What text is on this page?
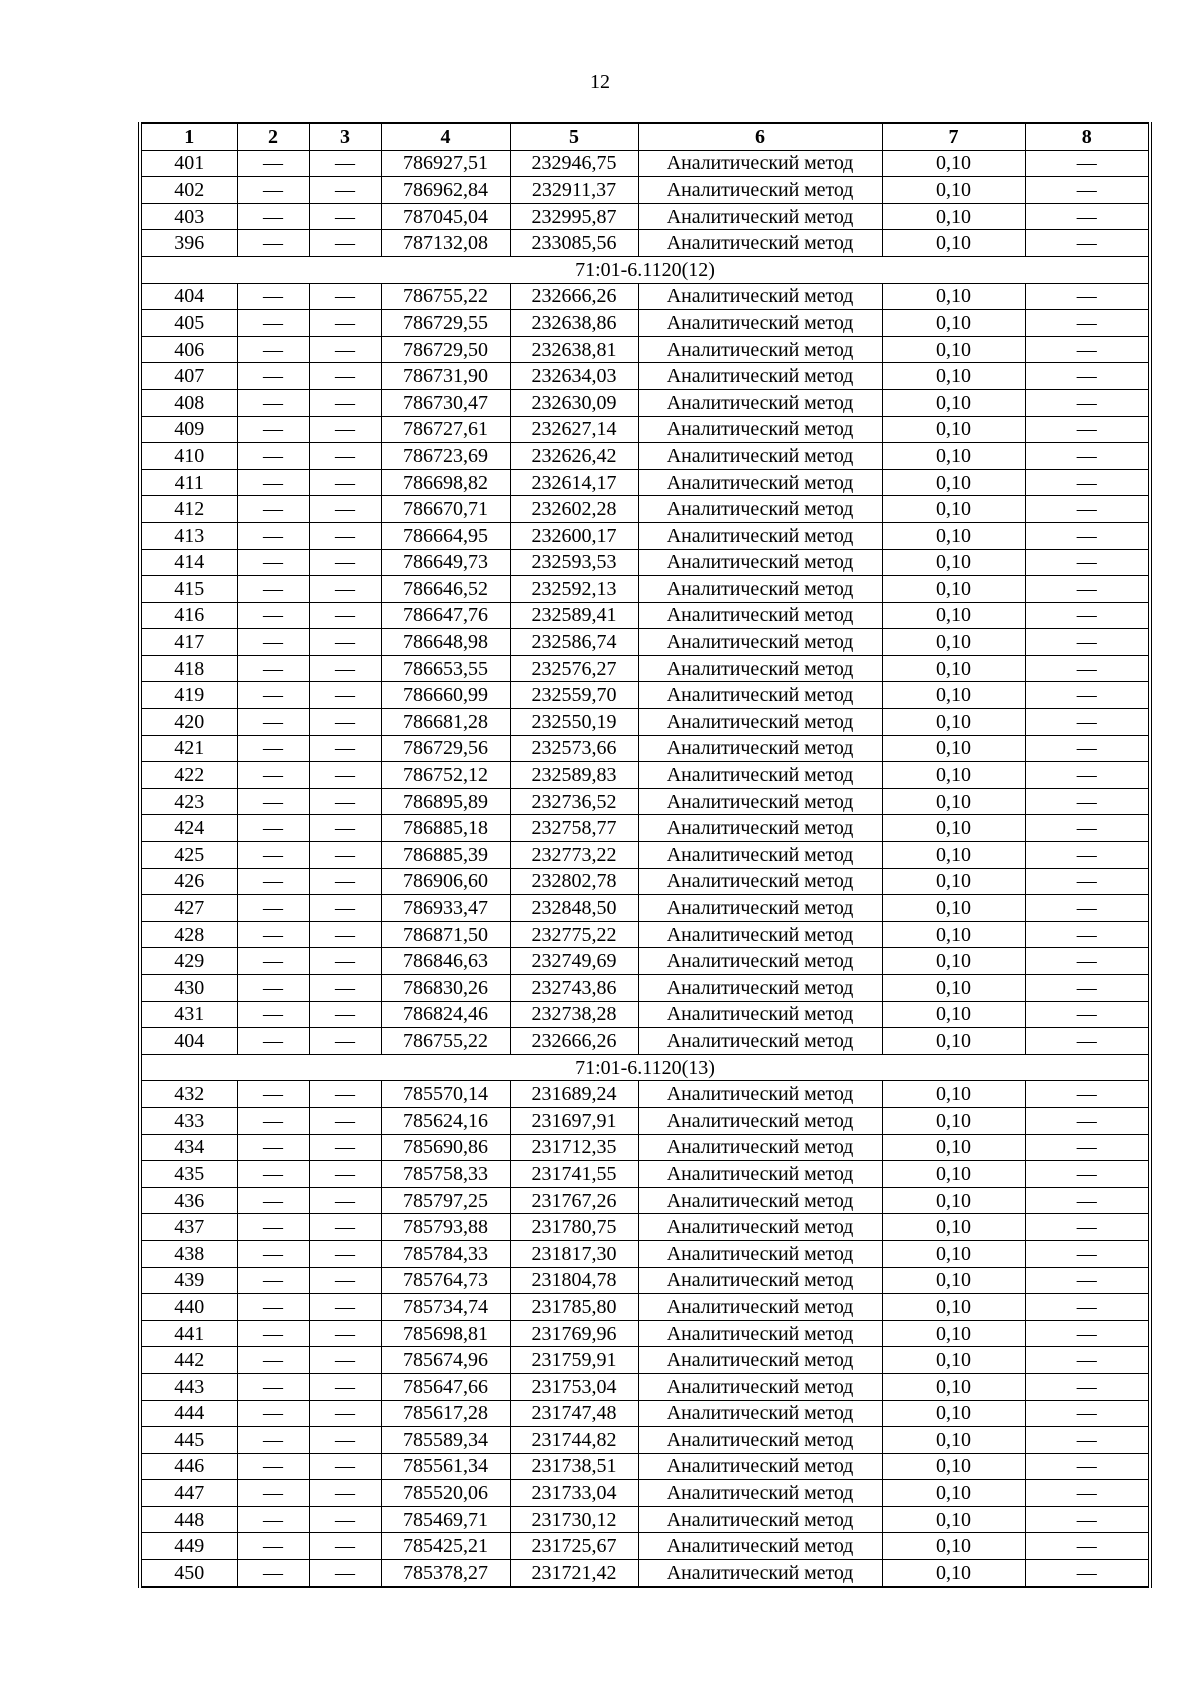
12
1	2	3	4	5	6	7	8
401	—	—	786927,51	232946,75	Аналитический метод	0,10	—
402	—	—	786962,84	232911,37	Аналитический метод	0,10	—
403	—	—	787045,04	232995,87	Аналитический метод	0,10	—
396	—	—	787132,08	233085,56	Аналитический метод	0,10	—
71:01-6.1120(12)							
404	—	—	786755,22	232666,26	Аналитический метод	0,10	—
405	—	—	786729,55	232638,86	Аналитический метод	0,10	—
406	—	—	786729,50	232638,81	Аналитический метод	0,10	—
407	—	—	786731,90	232634,03	Аналитический метод	0,10	—
408	—	—	786730,47	232630,09	Аналитический метод	0,10	—
409	—	—	786727,61	232627,14	Аналитический метод	0,10	—
410	—	—	786723,69	232626,42	Аналитический метод	0,10	—
411	—	—	786698,82	232614,17	Аналитический метод	0,10	—
412	—	—	786670,71	232602,28	Аналитический метод	0,10	—
413	—	—	786664,95	232600,17	Аналитический метод	0,10	—
414	—	—	786649,73	232593,53	Аналитический метод	0,10	—
415	—	—	786646,52	232592,13	Аналитический метод	0,10	—
416	—	—	786647,76	232589,41	Аналитический метод	0,10	—
417	—	—	786648,98	232586,74	Аналитический метод	0,10	—
418	—	—	786653,55	232576,27	Аналитический метод	0,10	—
419	—	—	786660,99	232559,70	Аналитический метод	0,10	—
420	—	—	786681,28	232550,19	Аналитический метод	0,10	—
421	—	—	786729,56	232573,66	Аналитический метод	0,10	—
422	—	—	786752,12	232589,83	Аналитический метод	0,10	—
423	—	—	786895,89	232736,52	Аналитический метод	0,10	—
424	—	—	786885,18	232758,77	Аналитический метод	0,10	—
425	—	—	786885,39	232773,22	Аналитический метод	0,10	—
426	—	—	786906,60	232802,78	Аналитический метод	0,10	—
427	—	—	786933,47	232848,50	Аналитический метод	0,10	—
428	—	—	786871,50	232775,22	Аналитический метод	0,10	—
429	—	—	786846,63	232749,69	Аналитический метод	0,10	—
430	—	—	786830,26	232743,86	Аналитический метод	0,10	—
431	—	—	786824,46	232738,28	Аналитический метод	0,10	—
404	—	—	786755,22	232666,26	Аналитический метод	0,10	—
71:01-6.1120(13)							
432	—	—	785570,14	231689,24	Аналитический метод	0,10	—
433	—	—	785624,16	231697,91	Аналитический метод	0,10	—
434	—	—	785690,86	231712,35	Аналитический метод	0,10	—
435	—	—	785758,33	231741,55	Аналитический метод	0,10	—
436	—	—	785797,25	231767,26	Аналитический метод	0,10	—
437	—	—	785793,88	231780,75	Аналитический метод	0,10	—
438	—	—	785784,33	231817,30	Аналитический метод	0,10	—
439	—	—	785764,73	231804,78	Аналитический метод	0,10	—
440	—	—	785734,74	231785,80	Аналитический метод	0,10	—
441	—	—	785698,81	231769,96	Аналитический метод	0,10	—
442	—	—	785674,96	231759,91	Аналитический метод	0,10	—
443	—	—	785647,66	231753,04	Аналитический метод	0,10	—
444	—	—	785617,28	231747,48	Аналитический метод	0,10	—
445	—	—	785589,34	231744,82	Аналитический метод	0,10	—
446	—	—	785561,34	231738,51	Аналитический метод	0,10	—
447	—	—	785520,06	231733,04	Аналитический метод	0,10	—
448	—	—	785469,71	231730,12	Аналитический метод	0,10	—
449	—	—	785425,21	231725,67	Аналитический метод	0,10	—
450	—	—	785378,27	231721,42	Аналитический метод	0,10	—
